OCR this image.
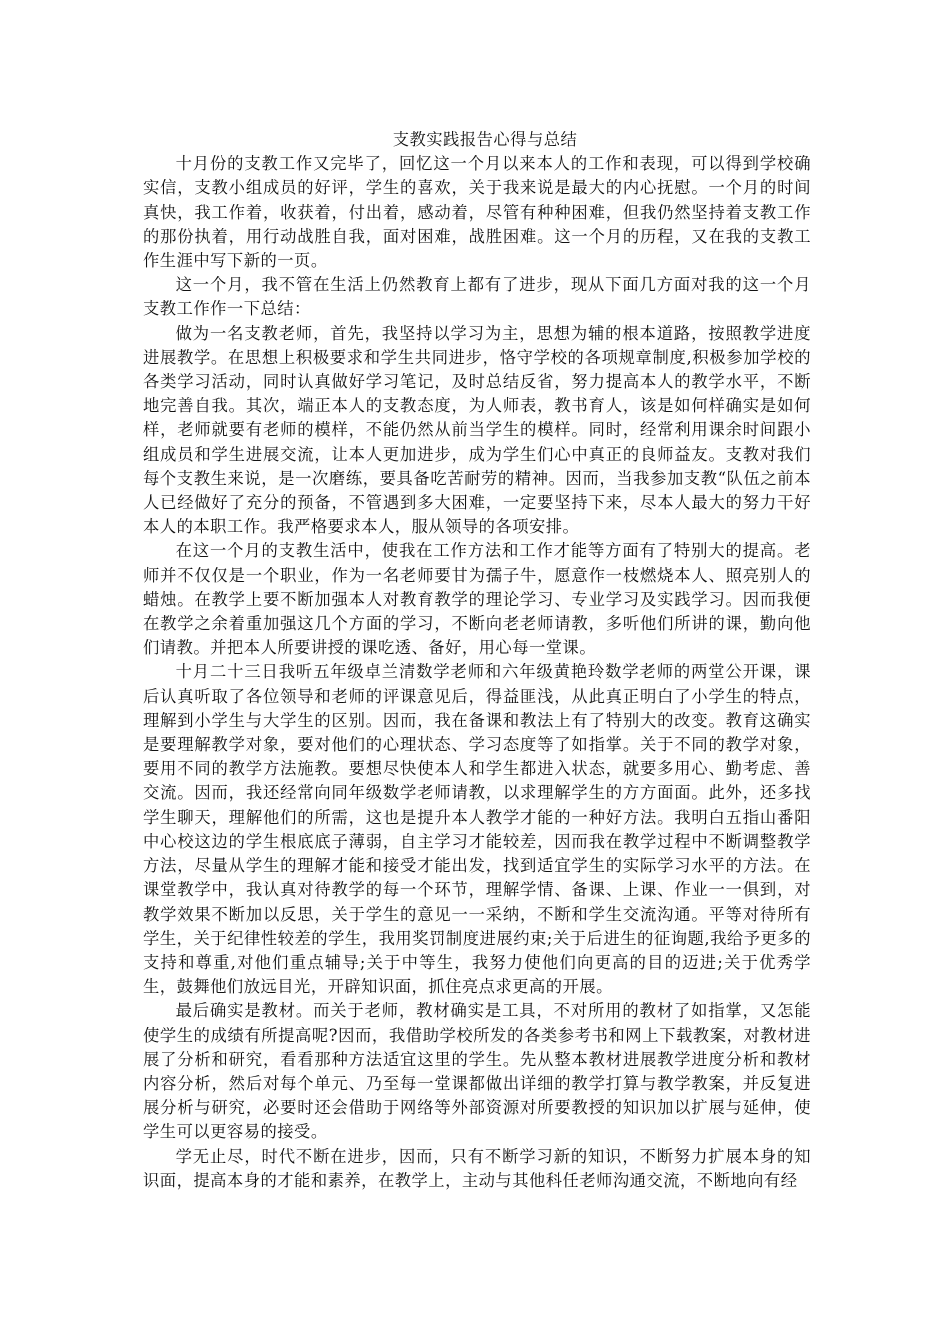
支教实践报告心得与总结

十月份的支教工作又完毕了，回忆这一个月以来本人的工作和表现，可以得到学校确实信，支教小组成员的好评，学生的喜欢，关于我来说是最大的内心抚慰。一个月的时间真快，我工作着，收获着，付出着，感动着，尽管有种种困难，但我仍然坚持着支教工作的那份执着，用行动战胜自我，面对困难，战胜困难。这一个月的历程，又在我的支教工作生涯中写下新的一页。

这一个月，我不管在生活上仍然教育上都有了进步，现从下面几方面对我的这一个月支教工作作一下总结：

做为一名支教老师，首先，我坚持以学习为主，思想为辅的根本道路，按照教学进度进展教学。在思想上积极要求和学生共同进步，恪守学校的各项规章制度,积极参加学校的各类学习活动，同时认真做好学习笔记，及时总结反省，努力提高本人的教学水平，不断地完善自我。其次，端正本人的支教态度，为人师表，教书育人，该是如何样确实是如何样，老师就要有老师的模样，不能仍然从前当学生的模样。同时，经常利用课余时间跟小组成员和学生进展交流，让本人更加进步，成为学生们心中真正的良师益友。支教对我们每个支教生来说，是一次磨练，要具备吃苦耐劳的精神。因而，当我参加支教“队伍之前本人已经做好了充分的预备，不管遇到多大困难，一定要坚持下来，尽本人最大的努力干好本人的本职工作。我严格要求本人，服从领导的各项安排。

在这一个月的支教生活中，使我在工作方法和工作才能等方面有了特别大的提高。老师并不仅仅是一个职业，作为一名老师要甘为孺子牛，愿意作一枝燃烧本人、照亮别人的蜡烛。在教学上要不断加强本人对教育教学的理论学习、专业学习及实践学习。因而我便在教学之余着重加强这几个方面的学习，不断向老老师请教，多听他们所讲的课，勤向他们请教。并把本人所要讲授的课吃透、备好，用心每一堂课。

十月二十三日我听五年级卓兰清数学老师和六年级黄艳玲数学老师的两堂公开课，课后认真听取了各位领导和老师的评课意见后，得益匪浅，从此真正明白了小学生的特点，理解到小学生与大学生的区别。因而，我在备课和教法上有了特别大的改变。教育这确实是要理解教学对象，要对他们的心理状态、学习态度等了如指掌。关于不同的教学对象，要用不同的教学方法施教。要想尽快使本人和学生都进入状态，就要多用心、勤考虑、善交流。因而，我还经常向同年级数学老师请教，以求理解学生的方方面面。此外，还多找学生聊天，理解他们的所需，这也是提升本人教学才能的一种好方法。我明白五指山番阳中心校这边的学生根底底子薄弱，自主学习才能较差，因而我在教学过程中不断调整教学方法，尽量从学生的理解才能和接受才能出发，找到适宜学生的实际学习水平的方法。在课堂教学中，我认真对待教学的每一个环节，理解学情、备课、上课、作业一一俱到，对教学效果不断加以反思，关于学生的意见一一采纳，不断和学生交流沟通。平等对待所有学生，关于纪律性较差的学生，我用奖罚制度进展约束;关于后进生的征询题,我给予更多的支持和尊重,对他们重点辅导;关于中等生，我努力使他们向更高的目的迈进;关于优秀学生，鼓舞他们放远目光，开辟知识面，抓住亮点求更高的开展。

最后确实是教材。而关于老师，教材确实是工具，不对所用的教材了如指掌，又怎能使学生的成绩有所提高呢?因而，我借助学校所发的各类参考书和网上下载教案，对教材进展了分析和研究，看看那种方法适宜这里的学生。先从整本教材进展教学进度分析和教材内容分析，然后对每个单元、乃至每一堂课都做出详细的教学打算与教学教案，并反复进展分析与研究，必要时还会借助于网络等外部资源对所要教授的知识加以扩展与延伸，使学生可以更容易的接受。

学无止尽，时代不断在进步，因而，只有不断学习新的知识，不断努力扩展本身的知识面，提高本身的才能和素养，在教学上，主动与其他科任老师沟通交流，不断地向有经
